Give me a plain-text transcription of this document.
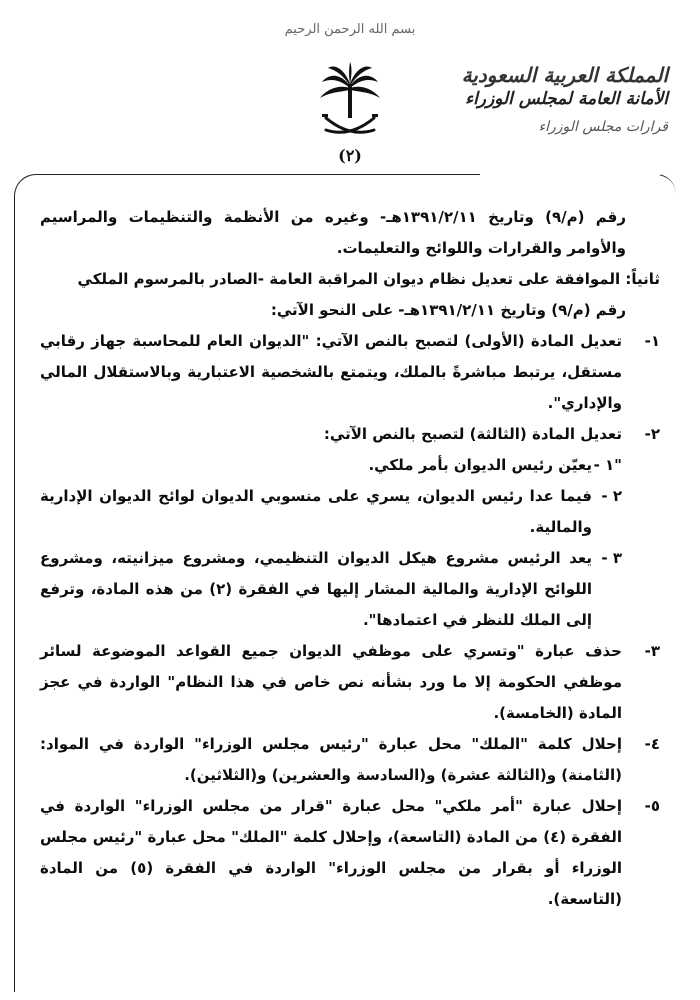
بسم الله الرحمن الرحيم
المملكة العربية السعودية
الأمانة العامة لمجلس الوزراء
قرارات مجلس الوزراء
(٢)

رقم (م/٩) وتاريخ ١٣٩١/٢/١١هـ- وغيره من الأنظمة والتنظيمات والمراسيم والأوامر والقرارات واللوائح والتعليمات.

ثانياً: الموافقة على تعديل نظام ديوان المراقبة العامة -الصادر بالمرسوم الملكي

رقم (م/٩) وتاريخ ١٣٩١/٢/١١هـ- على النحو الآتي:

١-
تعديل المادة (الأولى) لتصبح بالنص الآتي: "الديوان العام للمحاسبة جهاز رقابي مستقل، يرتبط مباشرةً بالملك، ويتمتع بالشخصية الاعتبارية وبالاستقلال المالي والإداري".

٢-
تعديل المادة (الثالثة) لتصبح بالنص الآتي:

"١ -
يعيّن رئيس الديوان بأمر ملكي.

٢ -
فيما عدا رئيس الديوان، يسري على منسوبي الديوان لوائح الديوان الإدارية والمالية.

٣ -
يعد الرئيس مشروع هيكل الديوان التنظيمي، ومشروع ميزانيته، ومشروع اللوائح الإدارية والمالية المشار إليها في الفقرة (٢) من هذه المادة، وترفع إلى الملك للنظر في اعتمادها".

٣-
حذف عبارة "وتسري على موظفي الديوان جميع القواعد الموضوعة لسائر موظفي الحكومة إلا ما ورد بشأنه نص خاص في هذا النظام" الواردة في عجز المادة (الخامسة).

٤-
إحلال كلمة "الملك" محل عبارة "رئيس مجلس الوزراء" الواردة في المواد: (الثامنة) و(الثالثة عشرة) و(السادسة والعشرين) و(الثلاثين).

٥-
إحلال عبارة "أمر ملكي" محل عبارة "قرار من مجلس الوزراء" الواردة في الفقرة (٤) من المادة (التاسعة)، وإحلال كلمة "الملك" محل عبارة "رئيس مجلس الوزراء أو بقرار من مجلس الوزراء" الواردة في الفقرة (٥) من المادة (التاسعة).
